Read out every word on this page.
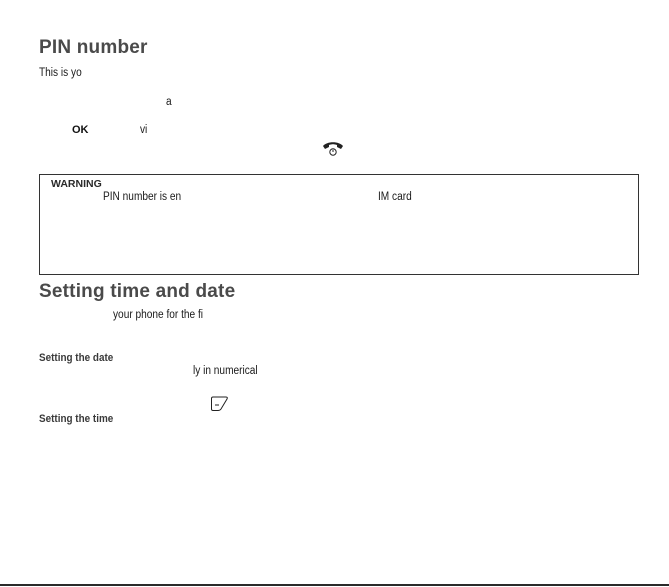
PIN number
This is yo
a
OK	vi
WARNING
PIN number is en	IM card
Setting time and date
your phone for the fi
Setting the date
ly in numerical
Setting the time
